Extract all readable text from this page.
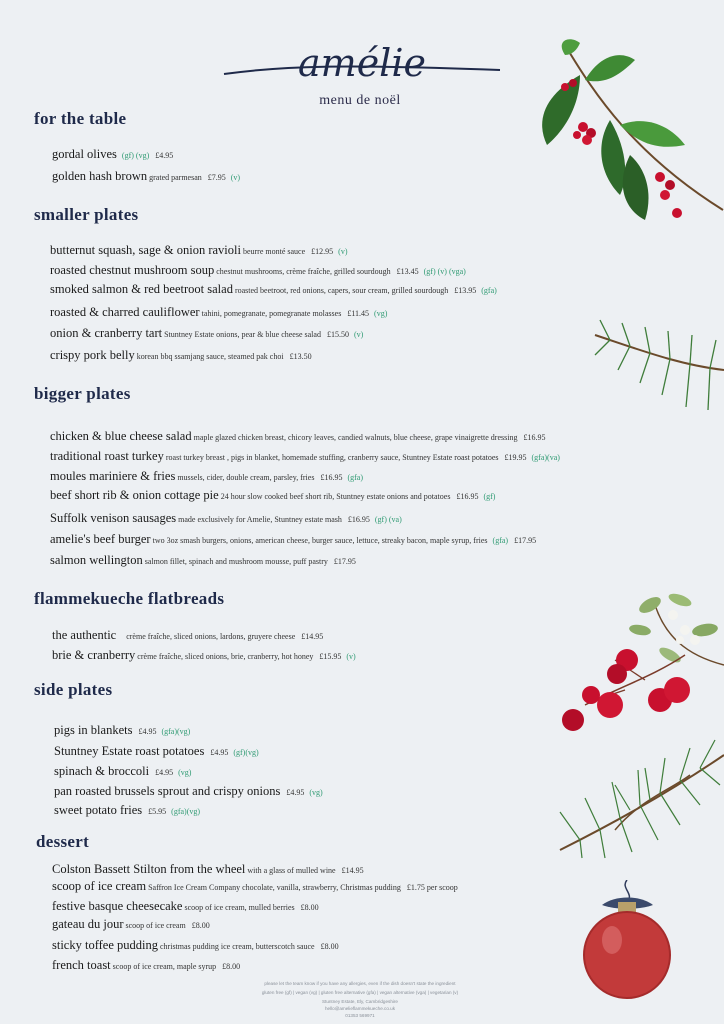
amélie
menu de noël
for the table
smaller plates
bigger plates
flammekueche flatbreads
side plates
dessert
gordal olives (gf) (vg) £4.95
golden hash brown grated parmesan £7.95 (v)
butternut squash, sage & onion ravioli beurre monté sauce £12.95 (v)
roasted chestnut mushroom soup chestnut mushrooms, crème fraîche, grilled sourdough £13.45 (gf) (v) (vga)
smoked salmon & red beetroot salad roasted beetroot, red onions, capers, sour cream, grilled sourdough £13.95 (gfa)
roasted & charred cauliflower tahini, pomegranate, pomegranate molasses £11.45 (vg)
onion & cranberry tart Stuntney Estate onions, pear & blue cheese salad £15.50 (v)
crispy pork belly korean bbq ssamjang sauce, steamed pak choi £13.50
chicken & blue cheese salad maple glazed chicken breast, chicory leaves, candied walnuts, blue cheese, grape vinaigrette dressing £16.95
traditional roast turkey roast turkey breast , pigs in blanket, homemade stuffing, cranberry sauce, Stuntney Estate roast potatoes £19.95 (gfa)(va)
moules mariniere & fries mussels, cider, double cream, parsley, fries £16.95 (gfa)
beef short rib & onion cottage pie 24 hour slow cooked beef short rib, Stuntney estate onions and potatoes £16.95 (gf)
Suffolk venison sausages made exclusively for Amelie, Stuntney estate mash £16.95 (gf) (va)
amelie's beef burger two 3oz smash burgers, onions, american cheese, burger sauce, lettuce, streaky bacon, maple syrup, fries (gfa) £17.95
salmon wellington salmon fillet, spinach and mushroom mousse, puff pastry £17.95
the authentic crème fraîche, sliced onions, lardons, gruyere cheese £14.95
brie & cranberry crème fraîche, sliced onions, brie, cranberry, hot honey £15.95 (v)
pigs in blankets £4.95 (gfa)(vg)
Stuntney Estate roast potatoes £4.95 (gf)(vg)
spinach & broccoli £4.95 (vg)
pan roasted brussels sprout and crispy onions £4.95 (vg)
sweet potato fries £5.95 (gfa)(vg)
Colston Bassett Stilton from the wheel with a glass of mulled wine £14.95
scoop of ice cream Saffron Ice Cream Company chocolate, vanilla, strawberry, Christmas pudding £1.75 per scoop
festive basque cheesecake scoop of ice cream, mulled berries £8.00
gateau du jour scoop of ice cream £8.00
sticky toffee pudding christmas pudding ice cream, butterscotch sauce £8.00
french toast scoop of ice cream, maple syrup £8.00
please let the team know if you have any allergies, even if the dish doesn't state the ingredient
gluten free (gf) | vegan (vg) | gluten free alternative (gfa) | vegan alternative (vga) | vegetarian (v)
Stuntney Estate, Ely, Cambridgeshire
hello@amelieflammekueche.co.uk
01353 569971
